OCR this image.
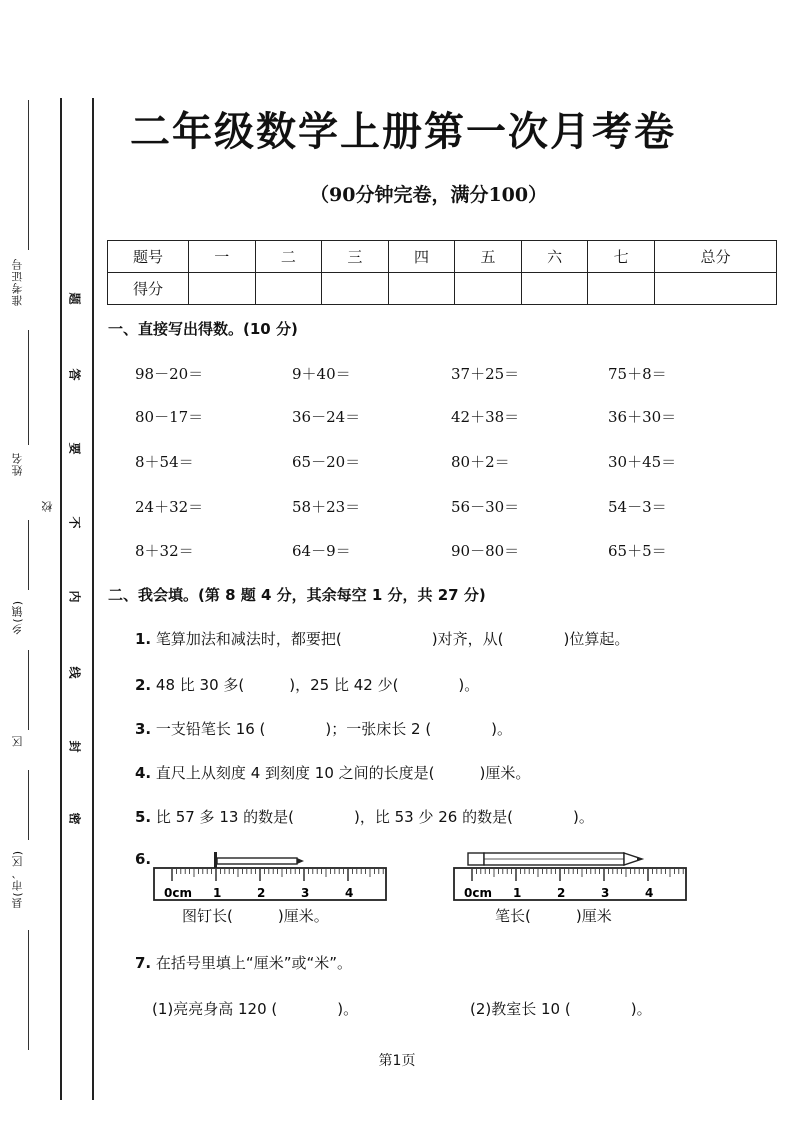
准考证号
姓名
校
乡(镇)
区
县(市、区)
题
答
要
不
内
线
封
密
二年级数学上册第一次月考卷
（90分钟完卷，满分100）
题号	一	二	三	四	五	六	七	总分
得分								
一、直接写出得数。(10 分)
98－20＝	9＋40＝	37＋25＝	75＋8＝
80－17＝	36－24＝	42＋38＝	36＋30＝
8＋54＝	65－20＝	80＋2＝	30＋45＝
24＋32＝	58＋23＝	56－30＝	54－3＝
8＋32＝	64－9＝	90－80＝	65＋5＝
二、我会填。(第 8 题 4 分，其余每空 1 分，共 27 分)
1. 笔算加法和减法时，都要把(　　　　　　)对齐，从(　　　　)位算起。
2. 48 比 30 多(　　　)，25 比 42 少(　　　　)。
3. 一支铅笔长 16 (　　　　)；一张床长 2 (　　　　)。
4. 直尺上从刻度 4 到刻度 10 之间的长度是(　　　)厘米。
5. 比 57 多 13 的数是(　　　　)，比 53 少 26 的数是(　　　　)。
6.
0cm 1	2	3	4	0cm 1	2	3	4
图钉长(　　　)厘米。	笔长(　　　)厘米
7. 在括号里填上“厘米”或“米”。
(1)亮亮身高 120 (　　　　)。	(2)教室长 10 (　　　　)。
第1页
